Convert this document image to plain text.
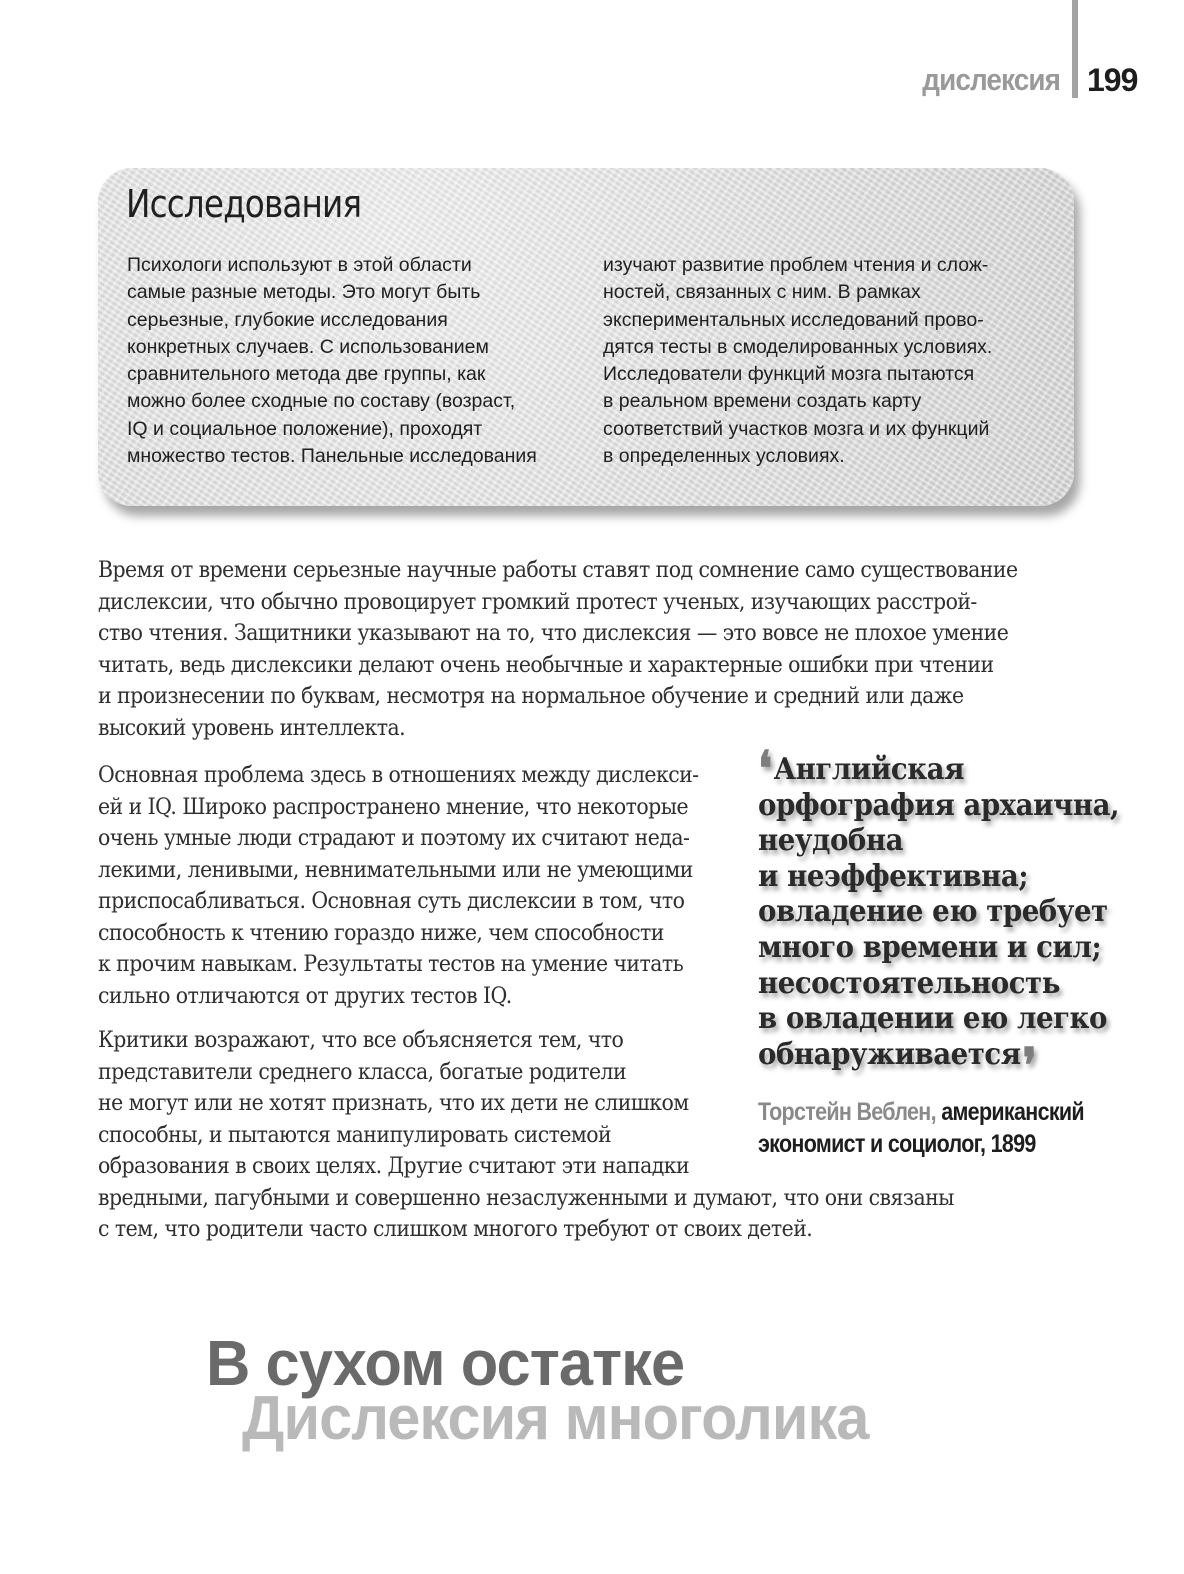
дислексия 199
Исследования
Психологи используют в этой области
самые разные методы. Это могут быть
серьезные, глубокие исследования
конкретных случаев. С использованием
сравнительного метода две группы, как
можно более сходные по составу (возраст,
IQ и социальное положение), проходят
множество тестов. Панельные исследования
изучают развитие проблем чтения и слож-
ностей, связанных с ним. В рамках
экспериментальных исследований прово-
дятся тесты в смоделированных условиях.
Исследователи функций мозга пытаются
в реальном времени создать карту
соответствий участков мозга и их функций
в определенных условиях.
Время от времени серьезные научные работы ставят под сомнение само существование
дислексии, что обычно провоцирует громкий протест ученых, изучающих расстрой-
ство чтения. Защитники указывают на то, что дислексия — это вовсе не плохое умение
читать, ведь дислексики делают очень необычные и характерные ошибки при чтении
и произнесении по буквам, несмотря на нормальное обучение и средний или даже
высокий уровень интеллекта.
Основная проблема здесь в отношениях между дислекси-
ей и IQ. Широко распространено мнение, что некоторые
очень умные люди страдают и поэтому их считают неда-
лекими, ленивыми, невнимательными или не умеющими
приспосабливаться. Основная суть дислексии в том, что
способность к чтению гораздо ниже, чем способности
к прочим навыкам. Результаты тестов на умение читать
сильно отличаются от других тестов IQ.
Критики возражают, что все объясняется тем, что
представители среднего класса, богатые родители
не могут или не хотят признать, что их дети не слишком
способны, и пытаются манипулировать системой
образования в своих целях. Другие считают эти нападки
вредными, пагубными и совершенно незаслуженными и думают, что они связаны
с тем, что родители часто слишком многого требуют от своих детей.
❛Английская
орфография архаична,
неудобна
и неэффективна;
овладение ею требует
много времени и сил;
несостоятельность
в овладении ею легко
обнаруживается❜
Торстейн Веблен, американский
экономист и социолог, 1899
В сухом остатке
Дислексия многолика
